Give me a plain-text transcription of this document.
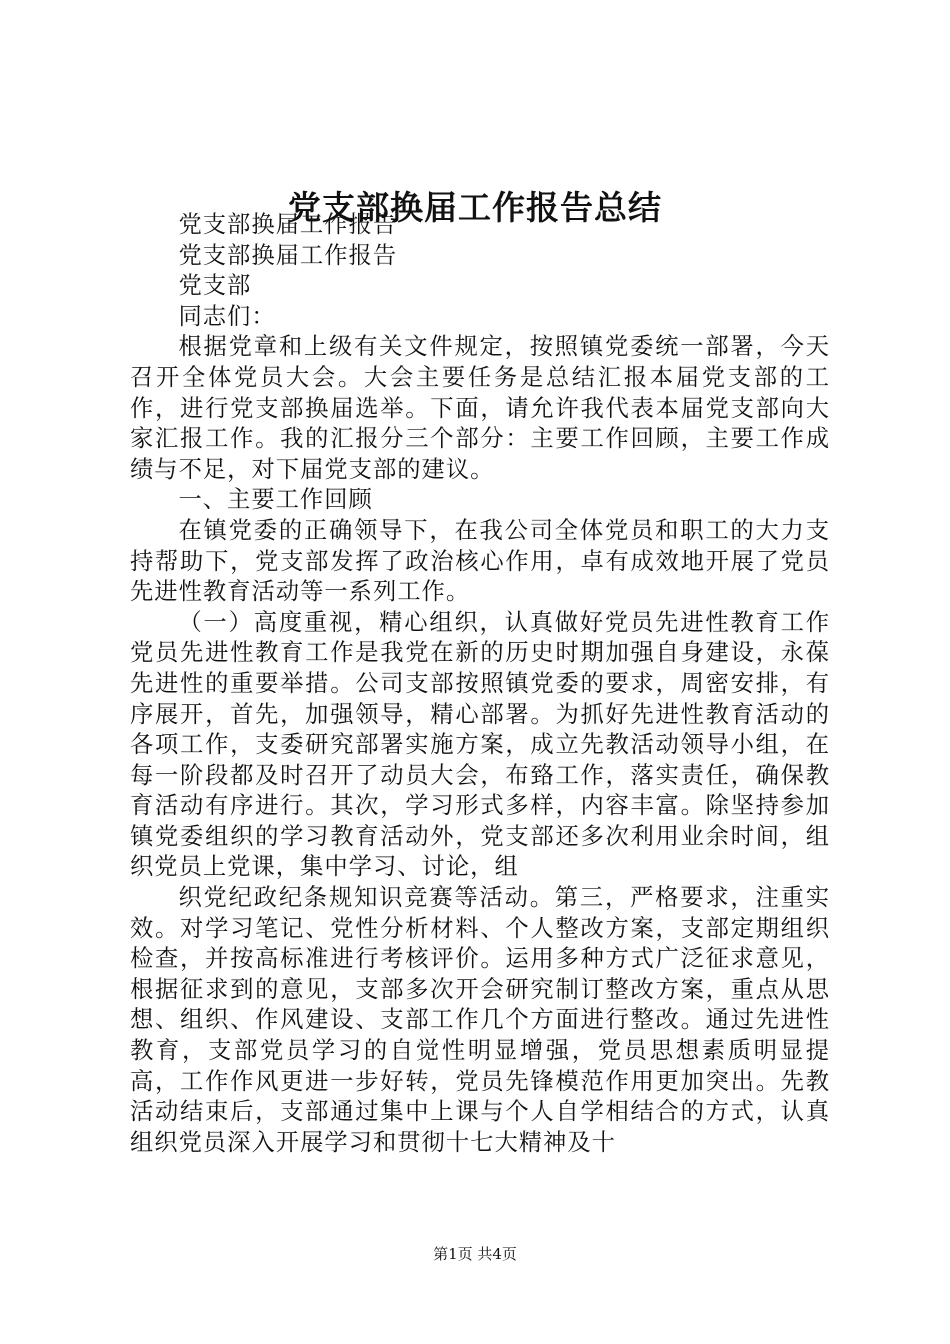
党支部换届工作报告总结

党支部换届工作报告

党支部换届工作报告

党支部

同志们：

根据党章和上级有关文件规定，按照镇党委统一部署，今天召开全体党员大会。大会主要任务是总结汇报本届党支部的工作，进行党支部换届选举。下面，请允许我代表本届党支部向大家汇报工作。我的汇报分三个部分：主要工作回顾，主要工作成绩与不足，对下届党支部的建议。

一、主要工作回顾

在镇党委的正确领导下，在我公司全体党员和职工的大力支持帮助下，党支部发挥了政治核心作用，卓有成效地开展了党员先进性教育活动等一系列工作。

（一）高度重视，精心组织，认真做好党员先进性教育工作党员先进性教育工作是我党在新的历史时期加强自身建设，永葆先进性的重要举措。公司支部按照镇党委的要求，周密安排，有序展开，首先，加强领导，精心部署。为抓好先进性教育活动的各项工作，支委研究部署实施方案，成立先教活动领导小组，在每一阶段都及时召开了动员大会，布臵工作，落实责任，确保教育活动有序进行。其次，学习形式多样，内容丰富。除坚持参加镇党委组织的学习教育活动外，党支部还多次利用业余时间，组织党员上党课，集中学习、讨论，组

织党纪政纪条规知识竞赛等活动。第三，严格要求，注重实效。对学习笔记、党性分析材料、个人整改方案，支部定期组织检查，并按高标准进行考核评价。运用多种方式广泛征求意见，根据征求到的意见，支部多次开会研究制订整改方案，重点从思想、组织、作风建设、支部工作几个方面进行整改。通过先进性教育，支部党员学习的自觉性明显增强，党员思想素质明显提高，工作作风更进一步好转，党员先锋模范作用更加突出。先教活动结束后，支部通过集中上课与个人自学相结合的方式，认真组织党员深入开展学习和贯彻十七大精神及十

第1页 共4页
